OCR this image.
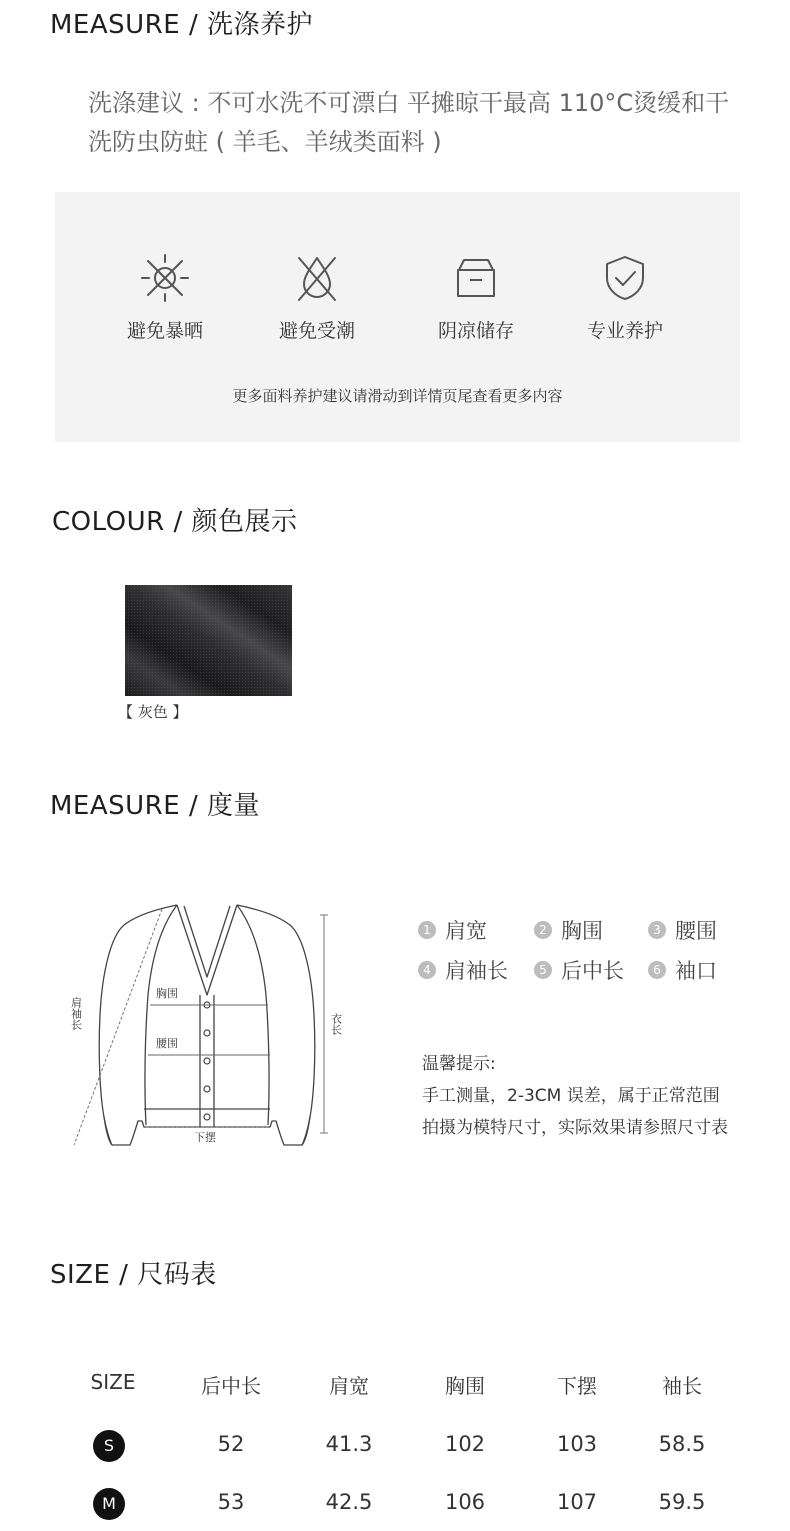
MEASURE / 洗涤养护
洗涤建议 : 不可水洗不可漂白 平摊晾干最高 110°C烫缓和干洗防虫防蛀 ( 羊毛、羊绒类面料 )
避免暴晒	避免受潮	阴凉储存	专业养护
更多面料养护建议请滑动到详情页尾查看更多内容
COLOUR / 颜色展示
【 灰色 】
MEASURE / 度量
胸围
腰围
下摆
衣长
肩袖长
1 肩宽	2 胸围	3 腰围
4 肩袖长	5 后中长	6 袖口
温馨提示:
手工测量，2-3CM 误差，属于正常范围
拍摄为模特尺寸，实际效果请参照尺寸表
SIZE / 尺码表
SIZE	后中长	肩宽	胸围	下摆	袖长
S	52	41.3	102	103	58.5
M	53	42.5	106	107	59.5
